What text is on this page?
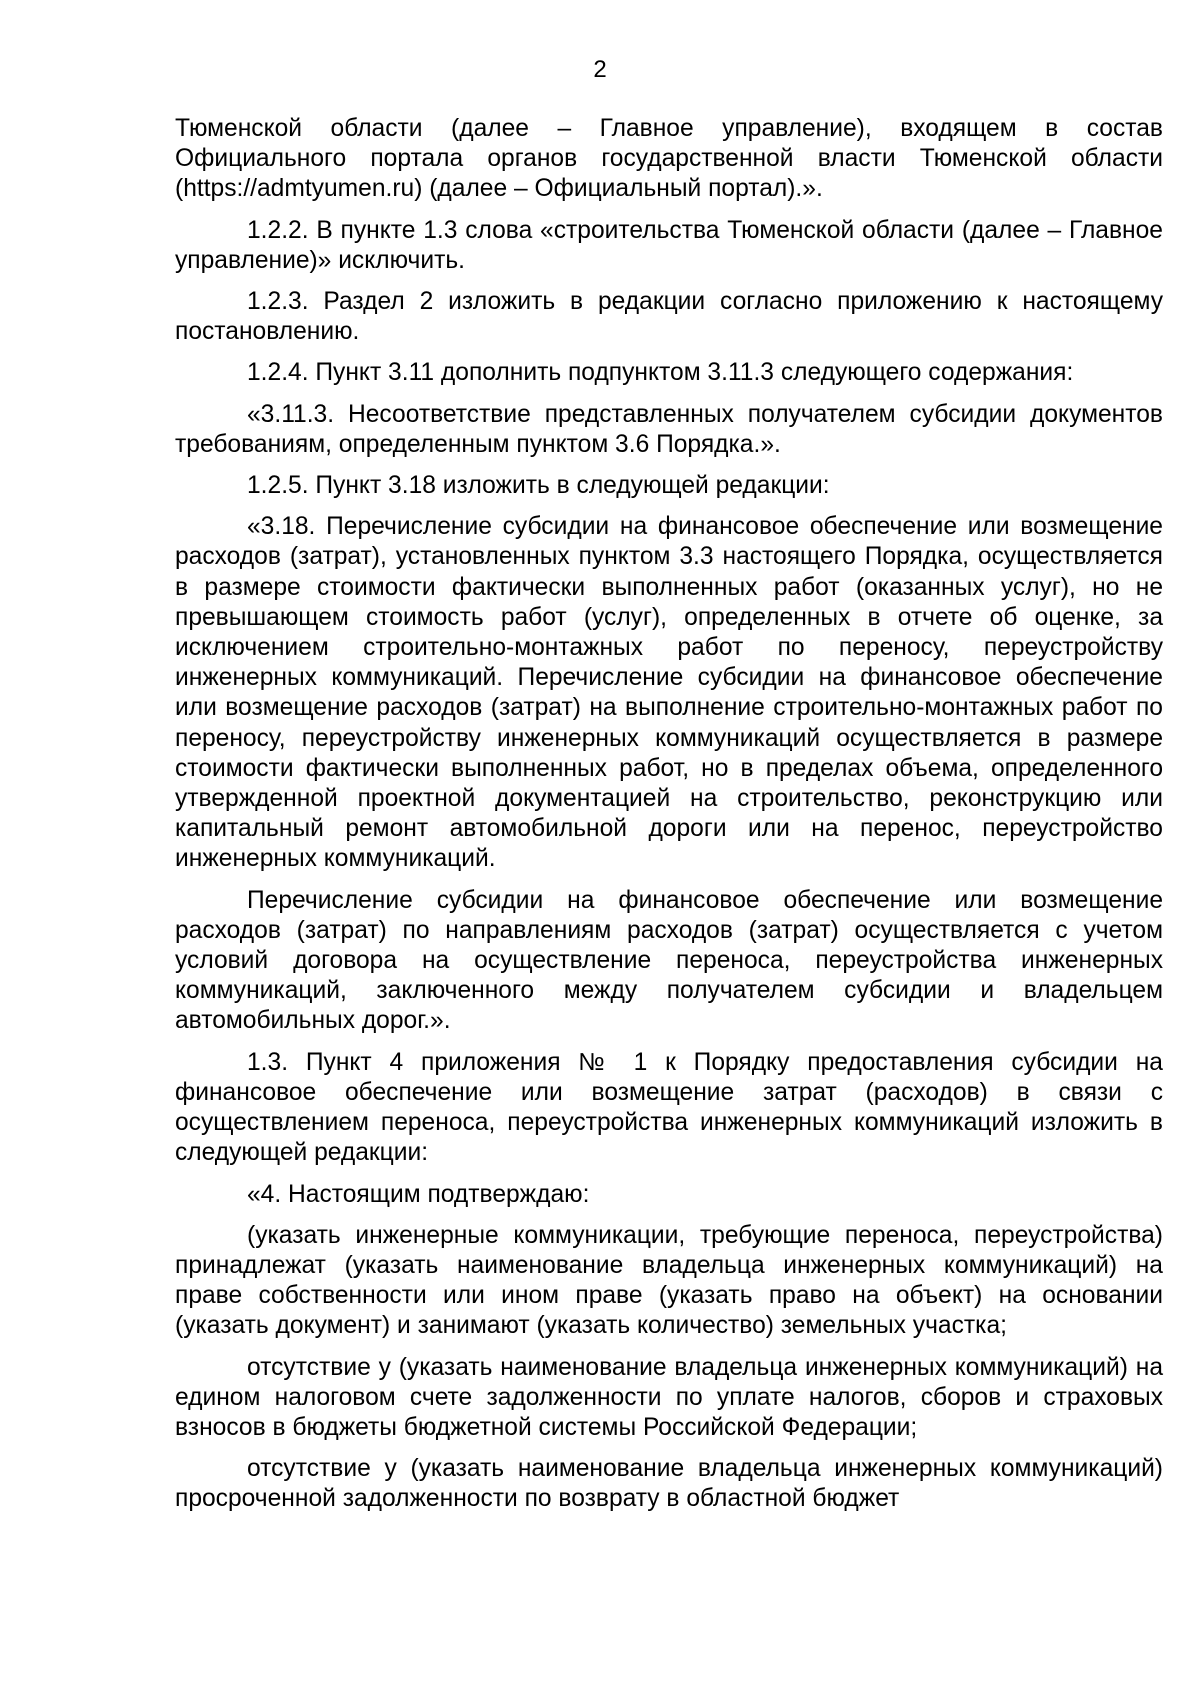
2

Тюменской области (далее – Главное управление), входящем в состав Официального портала органов государственной власти Тюменской области (https://admtyumen.ru) (далее – Официальный портал).».

1.2.2. В пункте 1.3 слова «строительства Тюменской области (далее – Главное управление)» исключить.

1.2.3. Раздел 2 изложить в редакции согласно приложению к настоящему постановлению.

1.2.4. Пункт 3.11 дополнить подпунктом 3.11.3 следующего содержания:

«3.11.3. Несоответствие представленных получателем субсидии документов требованиям, определенным пунктом 3.6 Порядка.».

1.2.5. Пункт 3.18 изложить в следующей редакции:

«3.18. Перечисление субсидии на финансовое обеспечение или возмещение расходов (затрат), установленных пунктом 3.3 настоящего Порядка, осуществляется в размере стоимости фактически выполненных работ (оказанных услуг), но не превышающем стоимость работ (услуг), определенных в отчете об оценке, за исключением строительно-монтажных работ по переносу, переустройству инженерных коммуникаций. Перечисление субсидии на финансовое обеспечение или возмещение расходов (затрат) на выполнение строительно-монтажных работ по переносу, переустройству инженерных коммуникаций осуществляется в размере стоимости фактически выполненных работ, но в пределах объема, определенного утвержденной проектной документацией на строительство, реконструкцию или капитальный ремонт автомобильной дороги или на перенос, переустройство инженерных коммуникаций.

Перечисление субсидии на финансовое обеспечение или возмещение расходов (затрат) по направлениям расходов (затрат) осуществляется с учетом условий договора на осуществление переноса, переустройства инженерных коммуникаций, заключенного между получателем субсидии и владельцем автомобильных дорог.».

1.3. Пункт 4 приложения № 1 к Порядку предоставления субсидии на финансовое обеспечение или возмещение затрат (расходов) в связи с осуществлением переноса, переустройства инженерных коммуникаций изложить в следующей редакции:

«4. Настоящим подтверждаю:

(указать инженерные коммуникации, требующие переноса, переустройства) принадлежат (указать наименование владельца инженерных коммуникаций) на праве собственности или ином праве (указать право на объект) на основании (указать документ) и занимают (указать количество) земельных участка;

отсутствие у (указать наименование владельца инженерных коммуникаций) на едином налоговом счете задолженности по уплате налогов, сборов и страховых взносов в бюджеты бюджетной системы Российской Федерации;

отсутствие у (указать наименование владельца инженерных коммуникаций) просроченной задолженности по возврату в областной бюджет
